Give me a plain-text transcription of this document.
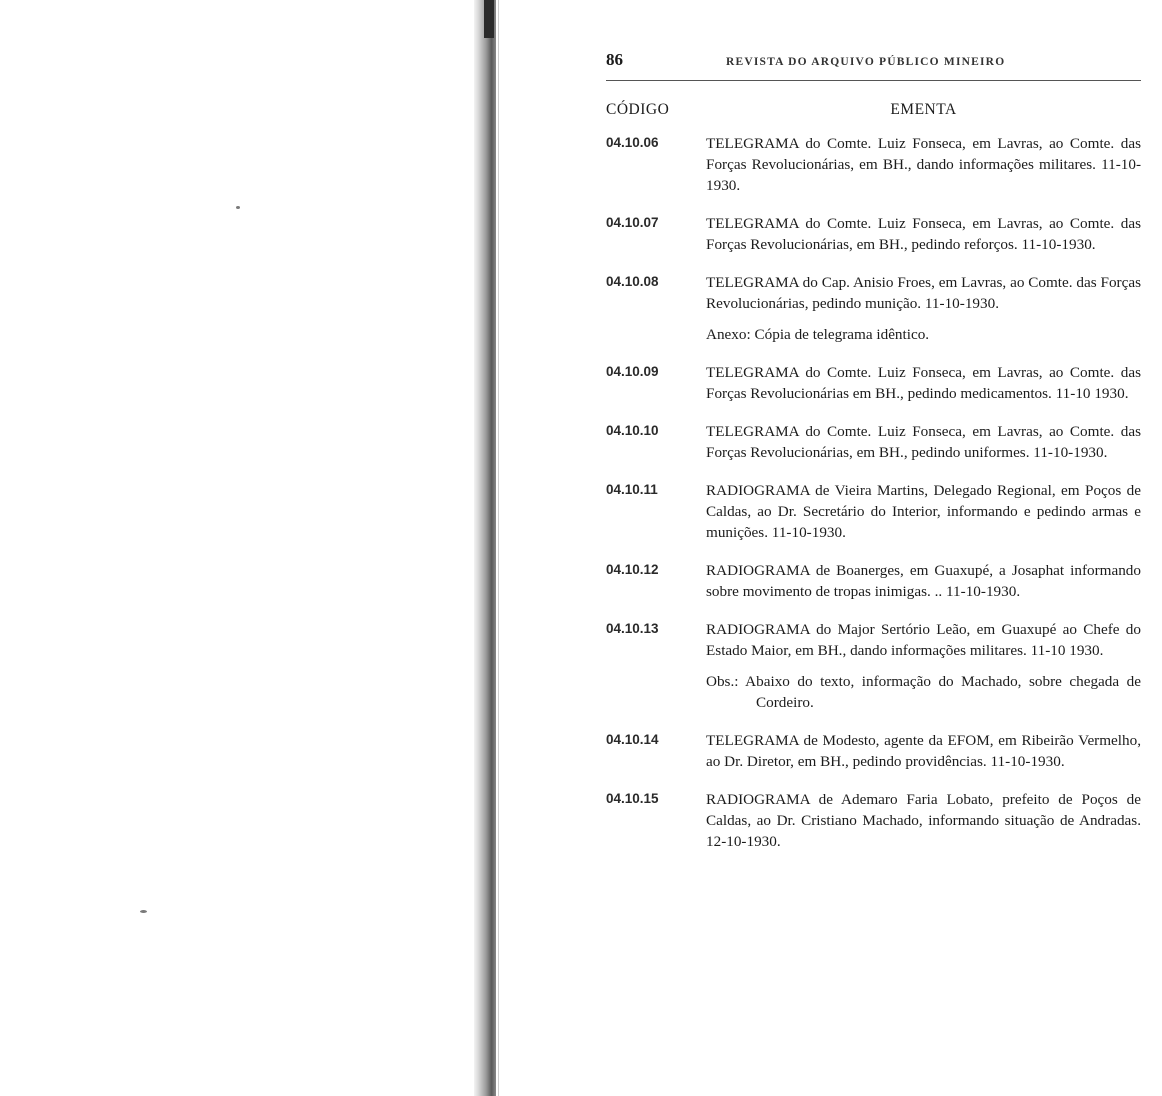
86	REVISTA DO ARQUIVO PÚBLICO MINEIRO
CÓDIGO	EMENTA
04.10.06	TELEGRAMA do Comte. Luiz Fonseca, em Lavras, ao Comte. das Forças Revolucionárias, em BH., dando informações militares. 11-10-1930.
04.10.07	TELEGRAMA do Comte. Luiz Fonseca, em Lavras, ao Comte. das Forças Revolucionárias, em BH., pedindo reforços. 11-10-1930.
04.10.08	TELEGRAMA do Cap. Anisio Froes, em Lavras, ao Comte. das Forças Revolucionárias, pedindo munição. 11-10-1930.
Anexo: Cópia de telegrama idêntico.
04.10.09	TELEGRAMA do Comte. Luiz Fonseca, em Lavras, ao Comte. das Forças Revolucionárias em BH., pedindo medicamentos. 11-10 1930.
04.10.10	TELEGRAMA do Comte. Luiz Fonseca, em Lavras, ao Comte. das Forças Revolucionárias, em BH., pedindo uniformes. 11-10-1930.
04.10.11	RADIOGRAMA de Vieira Martins, Delegado Regional, em Poços de Caldas, ao Dr. Secretário do Interior, informando e pedindo armas e munições. 11-10-1930.
04.10.12	RADIOGRAMA de Boanerges, em Guaxupé, a Josaphat informando sobre movimento de tropas inimigas. .. 11-10-1930.
04.10.13	RADIOGRAMA do Major Sertório Leão, em Guaxupé ao Chefe do Estado Maior, em BH., dando informações militares. 11-10 1930.
Obs.: Abaixo do texto, informação do Machado, sobre chegada de Cordeiro.
04.10.14	TELEGRAMA de Modesto, agente da EFOM, em Ribeirão Vermelho, ao Dr. Diretor, em BH., pedindo providências. 11-10-1930.
04.10.15	RADIOGRAMA de Ademaro Faria Lobato, prefeito de Poços de Caldas, ao Dr. Cristiano Machado, informando situação de Andradas. 12-10-1930.
